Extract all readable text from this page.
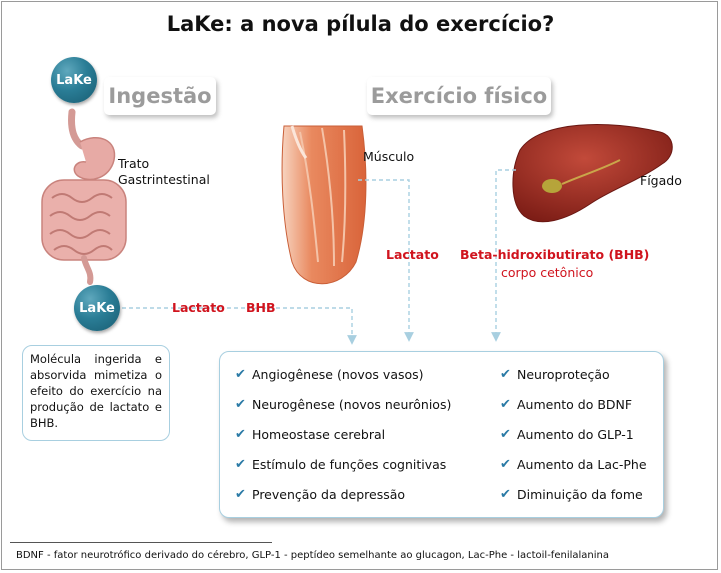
LaKe: a nova pílula do exercício?
LaKe
LaKe
Ingestão	Exercício físico
Trato Gastrintestinal
Músculo
Fígado
Lactato Beta-hidroxibutirato (BHB)
corpo cetônico
Lactato BHB
Molécula ingerida e absorvida mimetiza o efeito do exercício na produção de lactato e BHB.
✔ Angiogênese (novos vasos)
✔ Neurogênese (novos neurônios)
✔ Homeostase cerebral
✔ Estímulo de funções cognitivas
✔ Prevenção da depressão
✔ Neuroproteção
✔ Aumento do BDNF
✔ Aumento do GLP-1
✔ Aumento da Lac-Phe
✔ Diminuição da fome
BDNF - fator neurotrófico derivado do cérebro, GLP-1 - peptídeo semelhante ao glucagon, Lac-Phe - lactoil-fenilalanina
